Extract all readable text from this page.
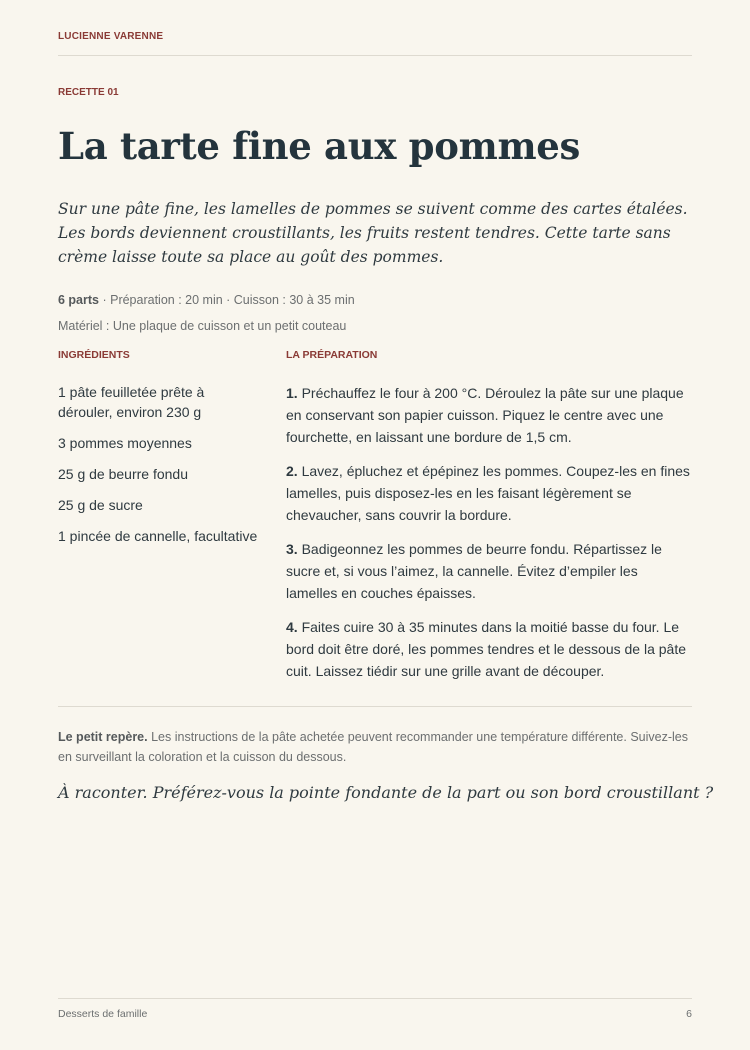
LUCIENNE VARENNE
RECETTE 01
La tarte fine aux pommes

Sur une pâte fine, les lamelles de pommes se suivent comme des cartes étalées. Les bords deviennent croustillants, les fruits restent tendres. Cette tarte sans crème laisse toute sa place au goût des pommes.

6 parts · Préparation : 20 min · Cuisson : 30 à 35 min
Matériel : Une plaque de cuisson et un petit couteau
INGRÉDIENTS	LA PRÉPARATION
1 pâte feuilletée prête à dérouler, environ 230 g
3 pommes moyennes
25 g de beurre fondu
25 g de sucre
1 pincée de cannelle, facultative
1. Préchauffez le four à 200 °C. Déroulez la pâte sur une plaque en conservant son papier cuisson. Piquez le centre avec une fourchette, en laissant une bordure de 1,5 cm.
2. Lavez, épluchez et épépinez les pommes. Coupez-les en fines lamelles, puis disposez-les en les faisant légèrement se chevaucher, sans couvrir la bordure.
3. Badigeonnez les pommes de beurre fondu. Répartissez le sucre et, si vous l’aimez, la cannelle. Évitez d’empiler les lamelles en couches épaisses.
4. Faites cuire 30 à 35 minutes dans la moitié basse du four. Le bord doit être doré, les pommes tendres et le dessous de la pâte cuit. Laissez tiédir sur une grille avant de découper.

Le petit repère. Les instructions de la pâte achetée peuvent recommander une température différente. Suivez-les en surveillant la coloration et la cuisson du dessous.

À raconter. Préférez-vous la pointe fondante de la part ou son bord croustillant ?

Desserts de famille	6
